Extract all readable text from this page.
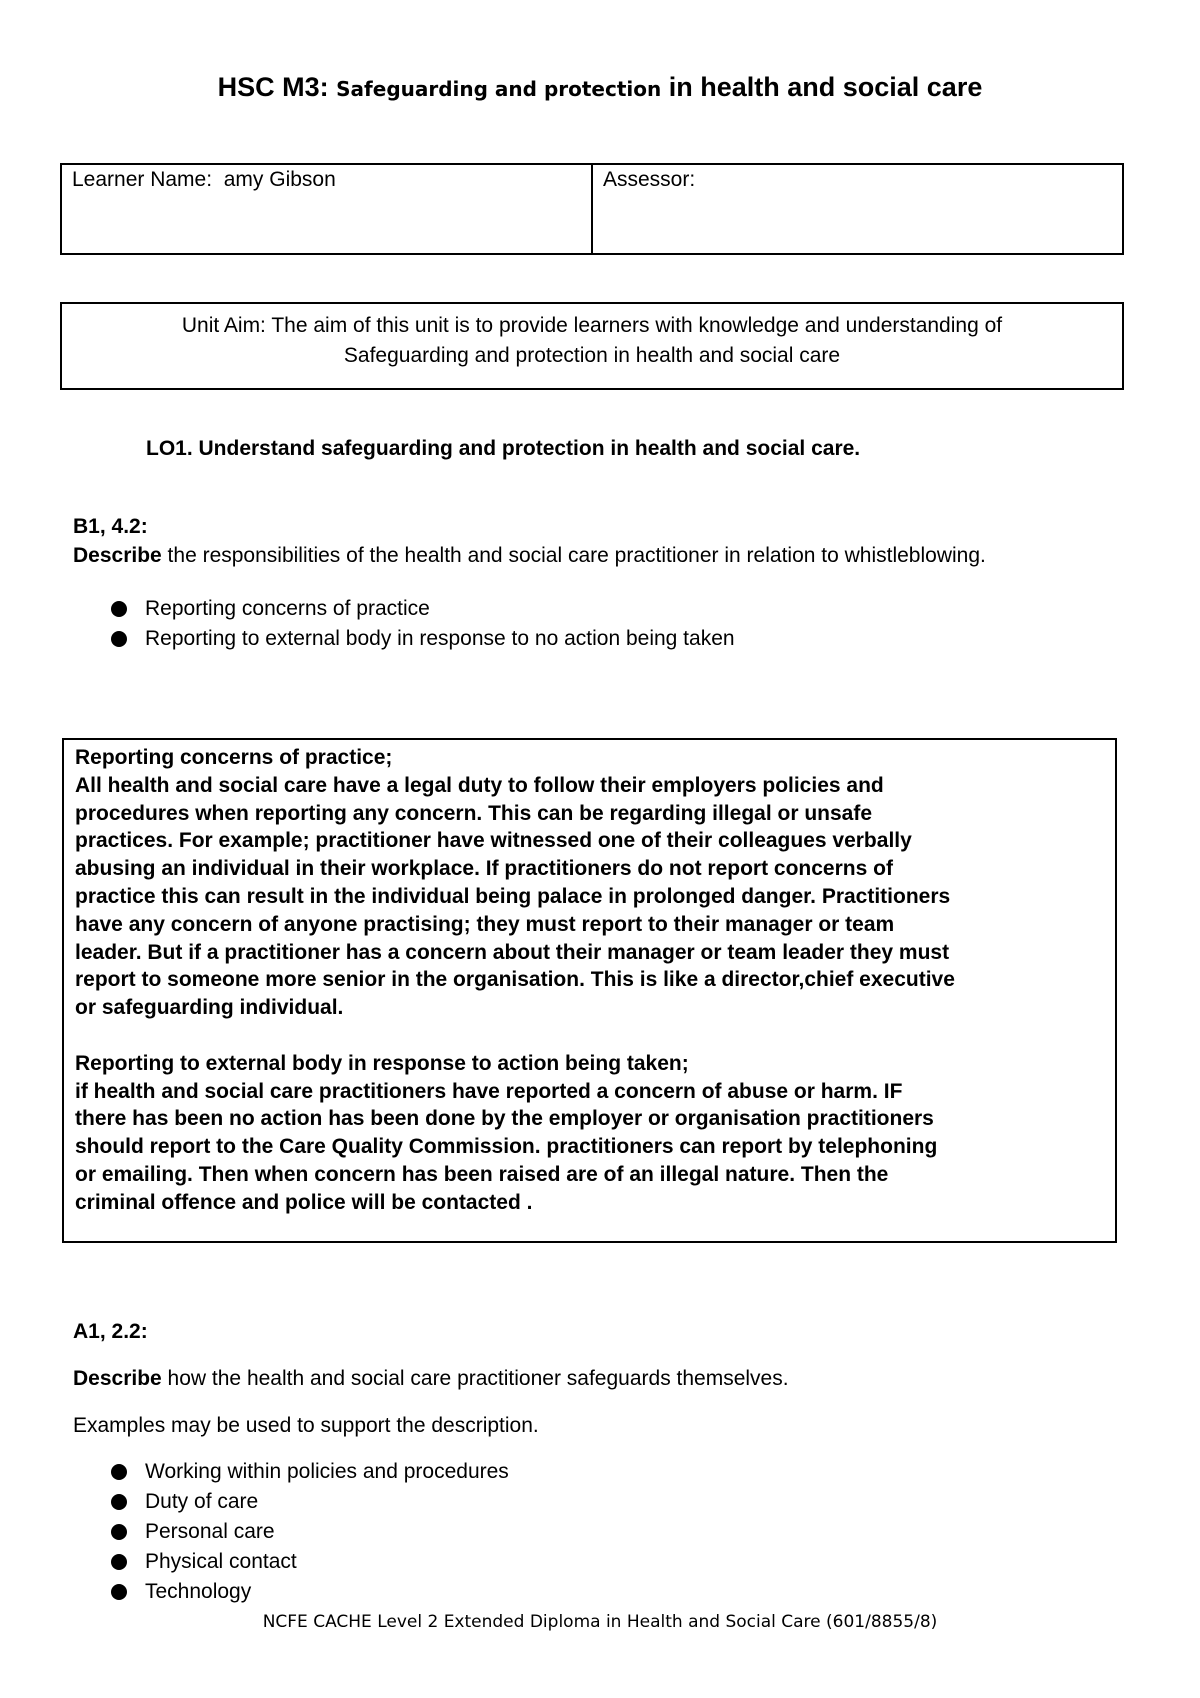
HSC M3: Safeguarding and protection in health and social care
Learner Name: amy Gibson	Assessor:
Unit Aim: The aim of this unit is to provide learners with knowledge and understanding of
Safeguarding and protection in health and social care
LO1. Understand safeguarding and protection in health and social care.
B1, 4.2:
Describe the responsibilities of the health and social care practitioner in relation to whistleblowing.
Reporting concerns of practice
Reporting to external body in response to no action being taken

Reporting concerns of practice;

All health and social care have a legal duty to follow their employers policies and

procedures when reporting any concern. This can be regarding illegal or unsafe

practices. For example; practitioner have witnessed one of their colleagues verbally

abusing an individual in their workplace. If practitioners do not report concerns of

practice this can result in the individual being palace in prolonged danger. Practitioners

have any concern of anyone practising; they must report to their manager or team

leader. But if a practitioner has a concern about their manager or team leader they must

report to someone more senior in the organisation. This is like a director,chief executive

or safeguarding individual.

Reporting to external body in response to action being taken;

if health and social care practitioners have reported a concern of abuse or harm. IF

there has been no action has been done by the employer or organisation practitioners

should report to the Care Quality Commission. practitioners can report by telephoning

or emailing. Then when concern has been raised are of an illegal nature. Then the

criminal offence and police will be contacted .

A1, 2.2:
Describe how the health and social care practitioner safeguards themselves.
Examples may be used to support the description.
Working within policies and procedures
Duty of care
Personal care
Physical contact
Technology
NCFE CACHE Level 2 Extended Diploma in Health and Social Care (601/8855/8)
